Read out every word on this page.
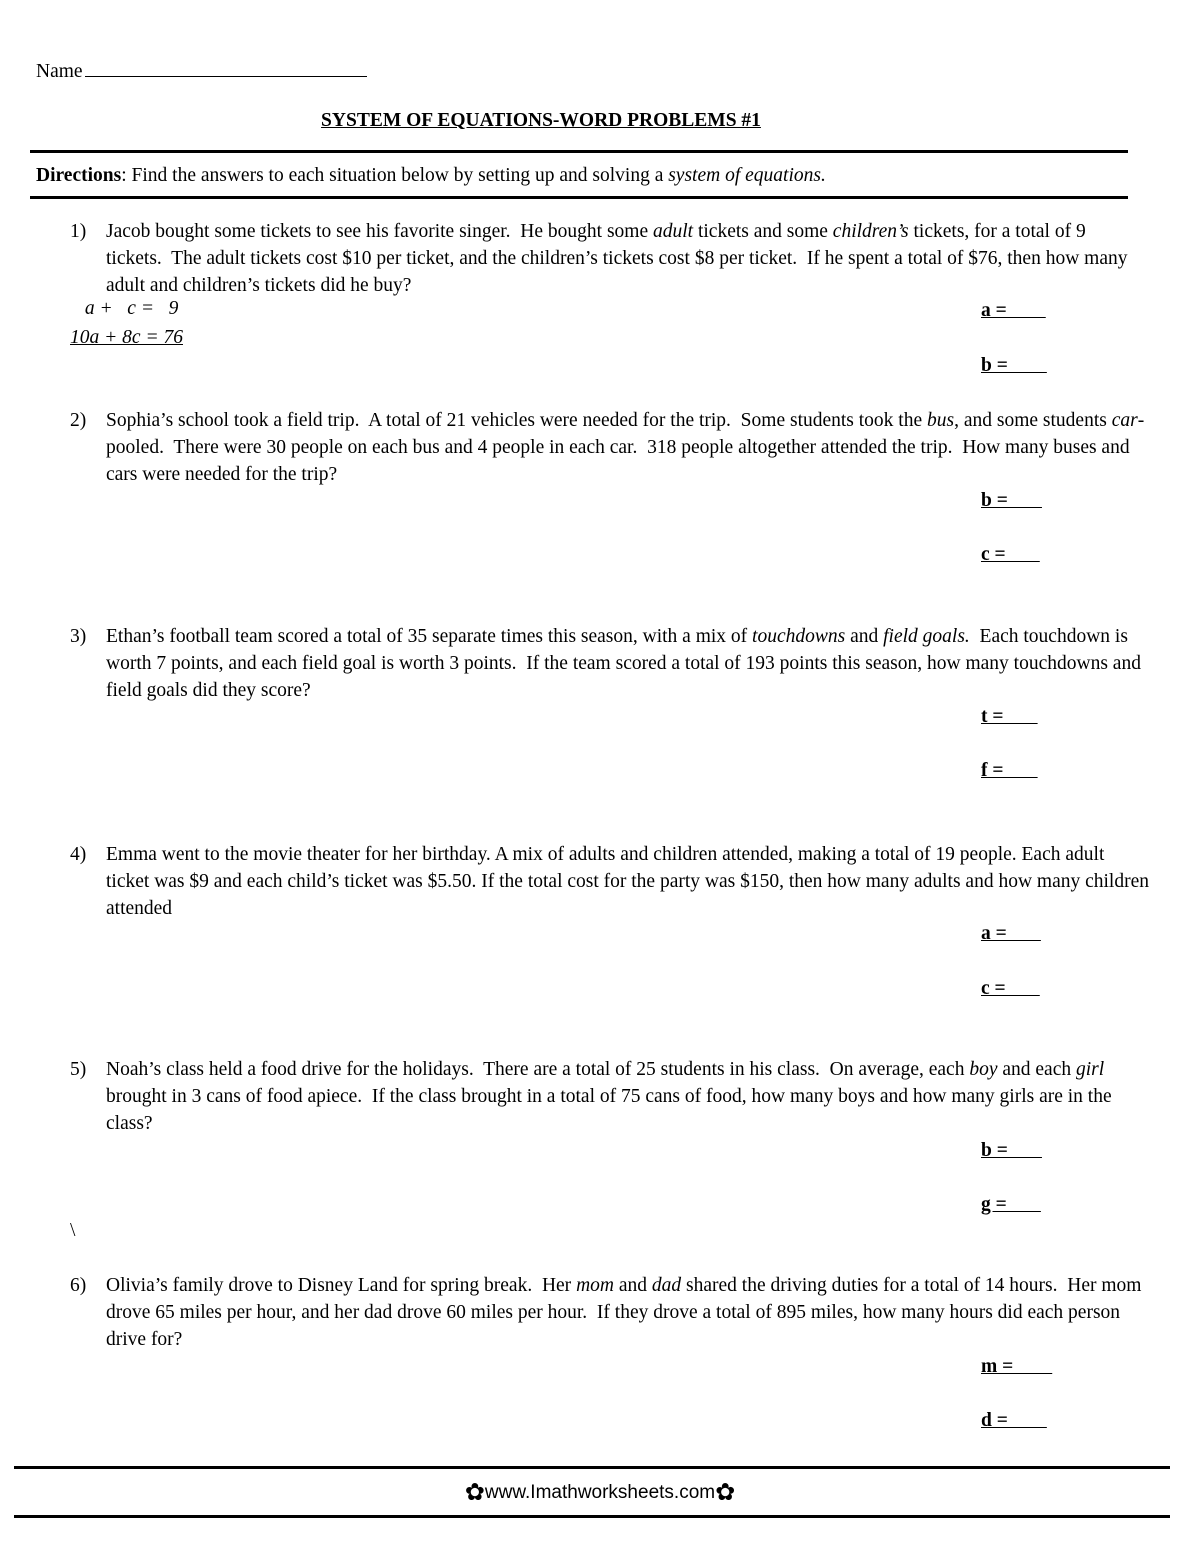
Name
SYSTEM OF EQUATIONS-WORD PROBLEMS #1
Directions: Find the answers to each situation below by setting up and solving a system of equations.
1) Jacob bought some tickets to see his favorite singer.  He bought some adult tickets and some children’s tickets, for a total of 9 tickets.  The adult tickets cost $10 per ticket, and the children’s tickets cost $8 per ticket.  If he spent a total of $76, then how many adult and children’s tickets did he buy?
a +   c =   9
10a + 8c = 76
a =
b =
2) Sophia’s school took a field trip.  A total of 21 vehicles were needed for the trip.  Some students took the bus, and some students car-pooled.  There were 30 people on each bus and 4 people in each car.  318 people altogether attended the trip.  How many buses and cars were needed for the trip?
b =
c =
3) Ethan’s football team scored a total of 35 separate times this season, with a mix of touchdowns and field goals.  Each touchdown is worth 7 points, and each field goal is worth 3 points.  If the team scored a total of 193 points this season, how many touchdowns and field goals did they score?
t =
f =
4) Emma went to the movie theater for her birthday. A mix of adults and children attended, making a total of 19 people. Each adult ticket was $9 and each child’s ticket was $5.50. If the total cost for the party was $150, then how many adults and how many children attended
a =
c =
5) Noah’s class held a food drive for the holidays.  There are a total of 25 students in his class.  On average, each boy and each girl brought in 3 cans of food apiece.  If the class brought in a total of 75 cans of food, how many boys and how many girls are in the class?
b =
g =
\
6) Olivia’s family drove to Disney Land for spring break.  Her mom and dad shared the driving duties for a total of 14 hours.  Her mom drove 65 miles per hour, and her dad drove 60 miles per hour.  If they drove a total of 895 miles, how many hours did each person drive for?
m =
d =
✿www.Imathworksheets.com✿
